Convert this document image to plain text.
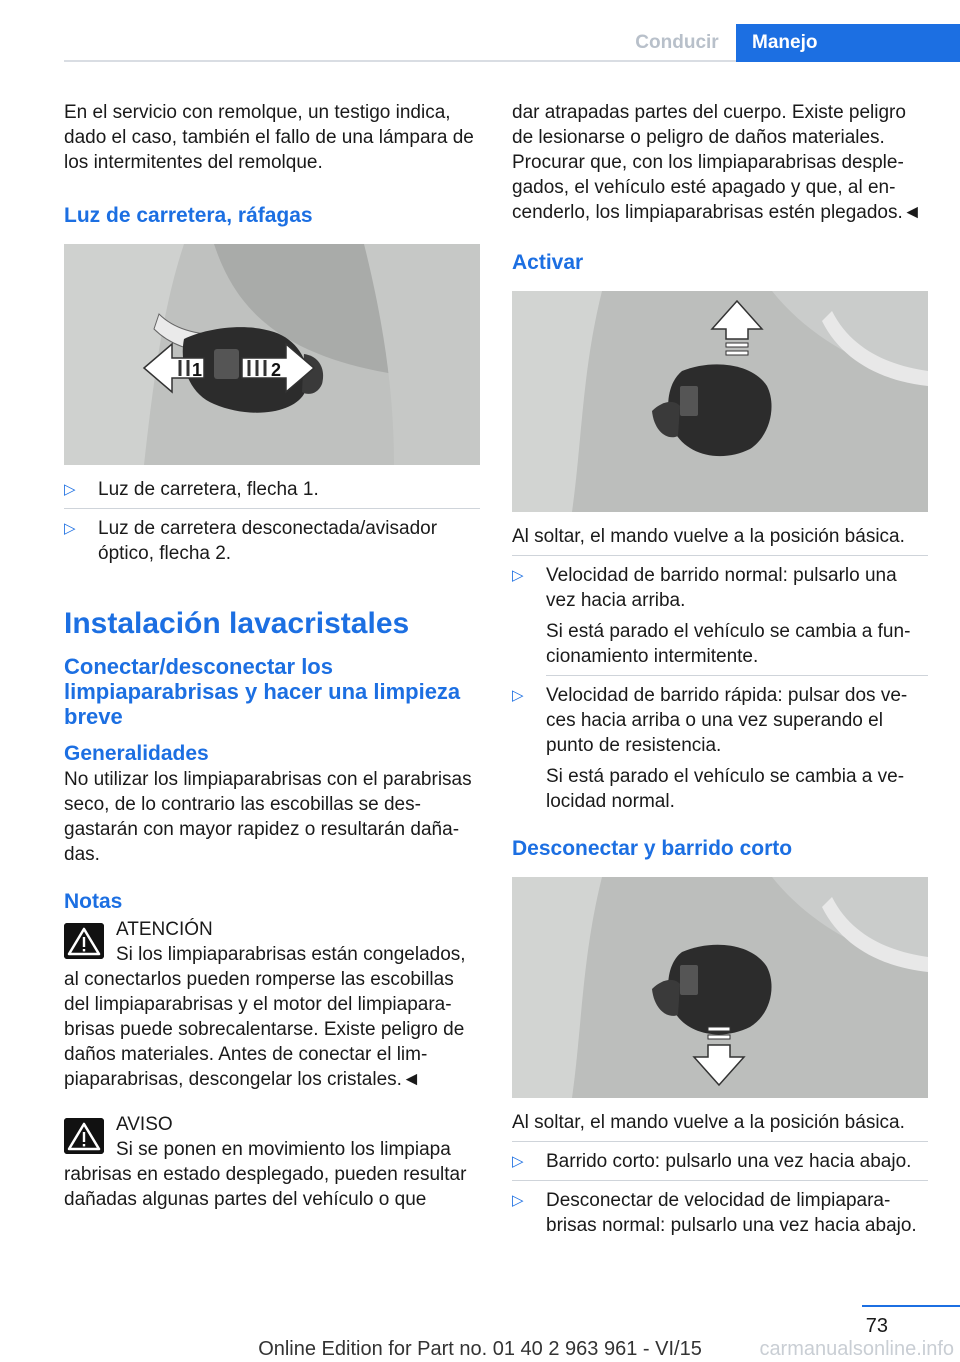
Conducir	Manejo

En el servicio con remolque, un testigo indica, dado el caso, también el fallo de una lámpara de los intermitentes del remolque.

Luz de carretera, ráfagas
1	2
▷ Luz de carretera, flecha 1.
▷ Luz de carretera desconectada/avisador óptico, flecha 2.
Instalación lavacristales
Conectar/desconectar los limpiaparabrisas y hacer una limpieza breve
Generalidades

No utilizar los limpiaparabrisas con el parabrisas seco, de lo contrario las escobillas se desgastarán con mayor rapidez o resultarán dañadas.

Notas
ATENCIÓN
Si los limpiaparabrisas están congelados,

al conectarlos pueden romperse las escobillas del limpiaparabrisas y el motor del limpiaparabrisas puede sobrecalentarse. Existe peligro de daños materiales. Antes de conectar el limpiaparabrisas, descongelar los cristales.◄

AVISO
Si se ponen en movimiento los limpiapa

rabrisas en estado desplegado, pueden resultar dañadas algunas partes del vehículo o que

dar atrapadas partes del cuerpo. Existe peligro de lesionarse o peligro de daños materiales. Procurar que, con los limpiaparabrisas desplegados, el vehículo esté apagado y que, al encenderlo, los limpiaparabrisas estén plegados.◄

Activar

Al soltar, el mando vuelve a la posición básica.

▷ Velocidad de barrido normal: pulsarlo una vez hacia arriba.
Si está parado el vehículo se cambia a funcionamiento intermitente.
▷ Velocidad de barrido rápida: pulsar dos veces hacia arriba o una vez superando el punto de resistencia.
Si está parado el vehículo se cambia a velocidad normal.
Desconectar y barrido corto

Al soltar, el mando vuelve a la posición básica.

▷ Barrido corto: pulsarlo una vez hacia abajo.
▷ Desconectar de velocidad de limpiaparabrisas normal: pulsarlo una vez hacia abajo.
73
Online Edition for Part no. 01 40 2 963 961 - VI/15	carmanualsonline.info
